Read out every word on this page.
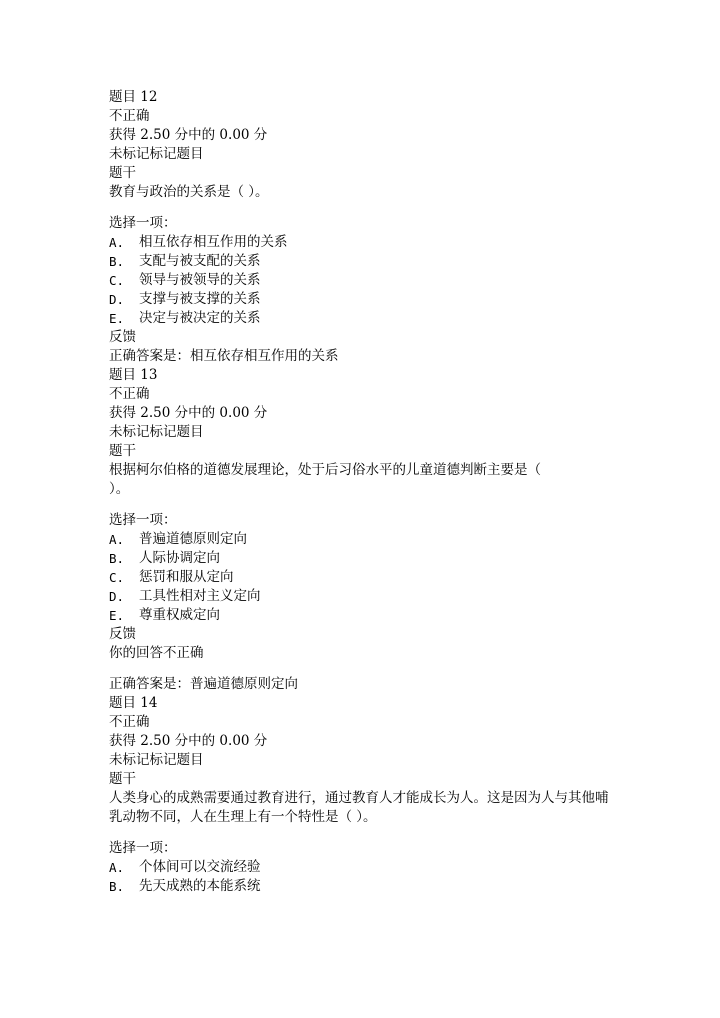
题目 12
不正确
获得 2.50 分中的 0.00 分
未标记标记题目
题干
教育与政治的关系是（ ）。
选择一项：
A.	相互依存相互作用的关系
B.	支配与被支配的关系
C.	领导与被领导的关系
D.	支撑与被支撑的关系
E.	决定与被决定的关系
反馈
正确答案是：相互依存相互作用的关系
题目 13
不正确
获得 2.50 分中的 0.00 分
未标记标记题目
题干
根据柯尔伯格的道德发展理论，处于后习俗水平的儿童道德判断主要是（ ）。
选择一项：
A.	普遍道德原则定向
B.	人际协调定向
C.	惩罚和服从定向
D.	工具性相对主义定向
E.	尊重权威定向
反馈
你的回答不正确
正确答案是：普遍道德原则定向
题目 14
不正确
获得 2.50 分中的 0.00 分
未标记标记题目
题干
人类身心的成熟需要通过教育进行，通过教育人才能成长为人。这是因为人与其他哺乳动物不同，人在生理上有一个特性是（ ）。
选择一项：
A.	个体间可以交流经验
B.	先天成熟的本能系统
